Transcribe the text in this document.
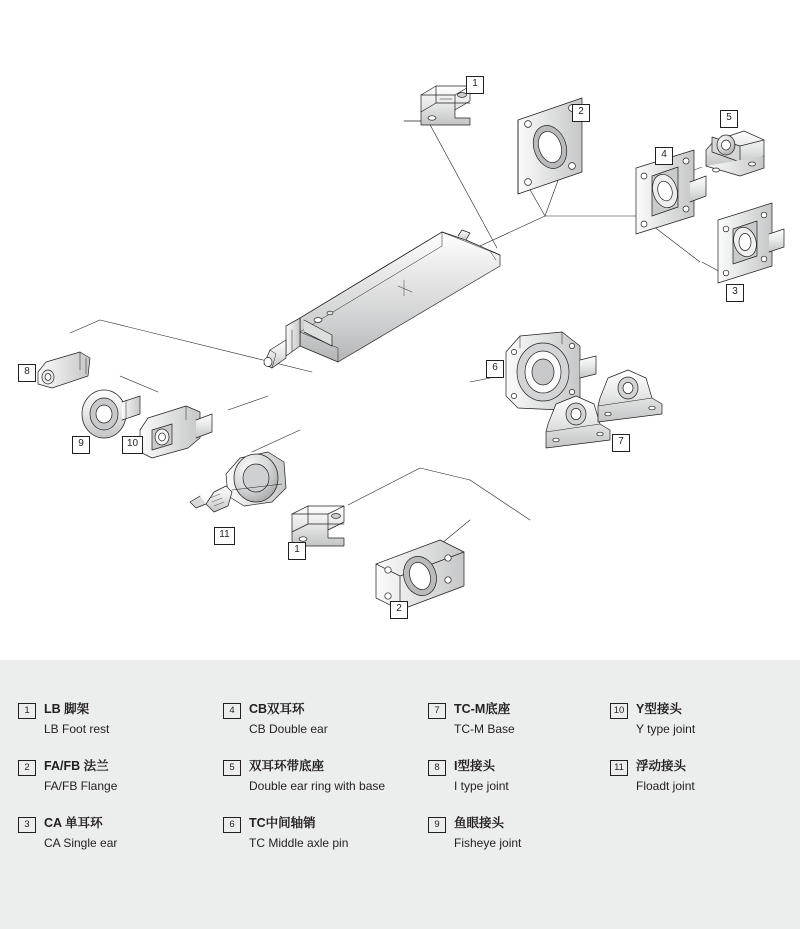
1
2
5
4
3
8	6
9	7
10
11
1
2
1	LB 脚架
LB Foot rest
4	CB双耳环
CB Double ear
7	TC-M底座
TC-M Base
10 Y型接头
Y type joint
2	FA/FB 法兰
FA/FB Flange
5	双耳环带底座
Double ear ring with base
8	I型接头
I type joint
11 浮动接头
Floadt joint
3	CA 单耳环
CA Single ear
6	TC中间轴销
TC Middle axle pin
9	鱼眼接头
Fisheye joint
